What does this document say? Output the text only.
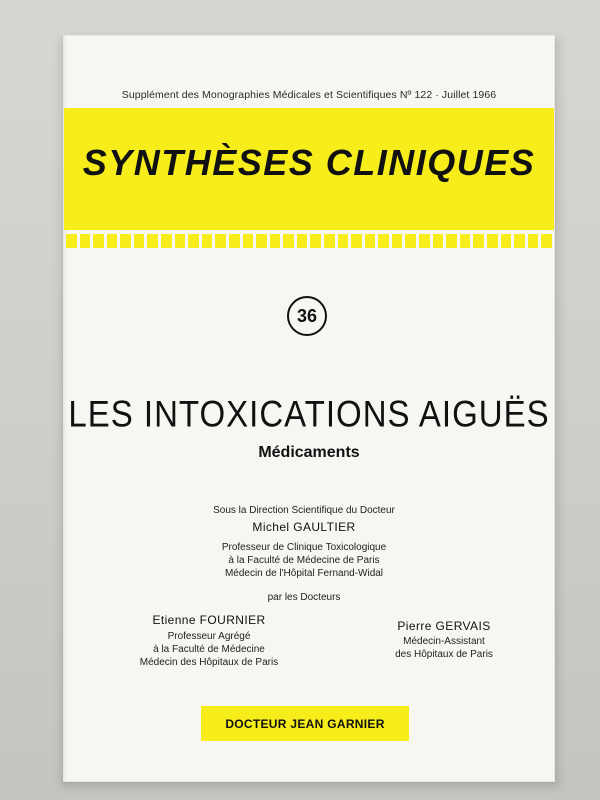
Supplément des Monographies Médicales et Scientifiques Nº 122 · Juillet 1966
SYNTHÈSES CLINIQUES
36
LES INTOXICATIONS AIGUËS
Médicaments
Sous la Direction Scientifique du Docteur
Michel GAULTIER
Professeur de Clinique Toxicologique
à la Faculté de Médecine de Paris
Médecin de l'Hôpital Fernand-Widal
par les Docteurs
Etienne FOURNIER
Professeur Agrégé
à la Faculté de Médecine
Médecin des Hôpitaux de Paris
Pierre GERVAIS
Médecin-Assistant
des Hôpitaux de Paris
DOCTEUR JEAN GARNIER
